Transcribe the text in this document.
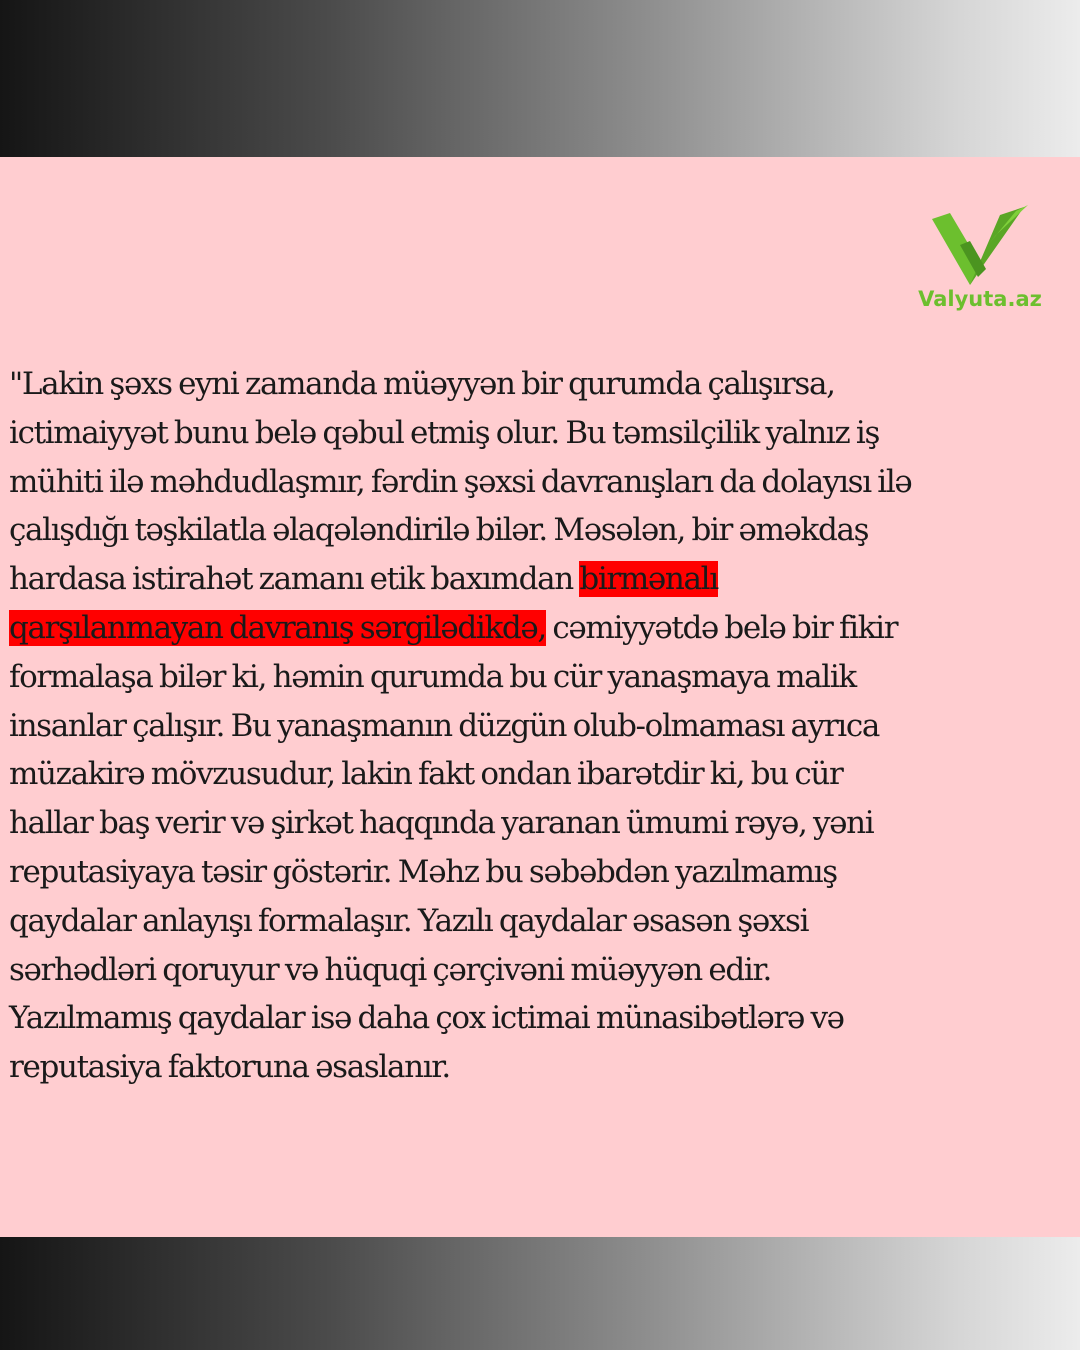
Valyuta.az

"Lakin şəxs eyni zamanda müəyyən bir qurumda çalışırsa,
ictimaiyyət bunu belə qəbul etmiş olur. Bu təmsilçilik yalnız iş
mühiti ilə məhdudlaşmır, fərdin şəxsi davranışları da dolayısı ilə
çalışdığı təşkilatla əlaqələndirilə bilər. Məsələn, bir əməkdaş
hardasa istirahət zamanı etik baxımdan birmənalı
qarşılanmayan davranış sərgilədikdə, cəmiyyətdə belə bir fikir
formalaşa bilər ki, həmin qurumda bu cür yanaşmaya malik
insanlar çalışır. Bu yanaşmanın düzgün olub-olmaması ayrıca
müzakirə mövzusudur, lakin fakt ondan ibarətdir ki, bu cür
hallar baş verir və şirkət haqqında yaranan ümumi rəyə, yəni
reputasiyaya təsir göstərir. Məhz bu səbəbdən yazılmamış
qaydalar anlayışı formalaşır. Yazılı qaydalar əsasən şəxsi
sərhədləri qoruyur və hüquqi çərçivəni müəyyən edir.
Yazılmamış qaydalar isə daha çox ictimai münasibətlərə və
reputasiya faktoruna əsaslanır.
